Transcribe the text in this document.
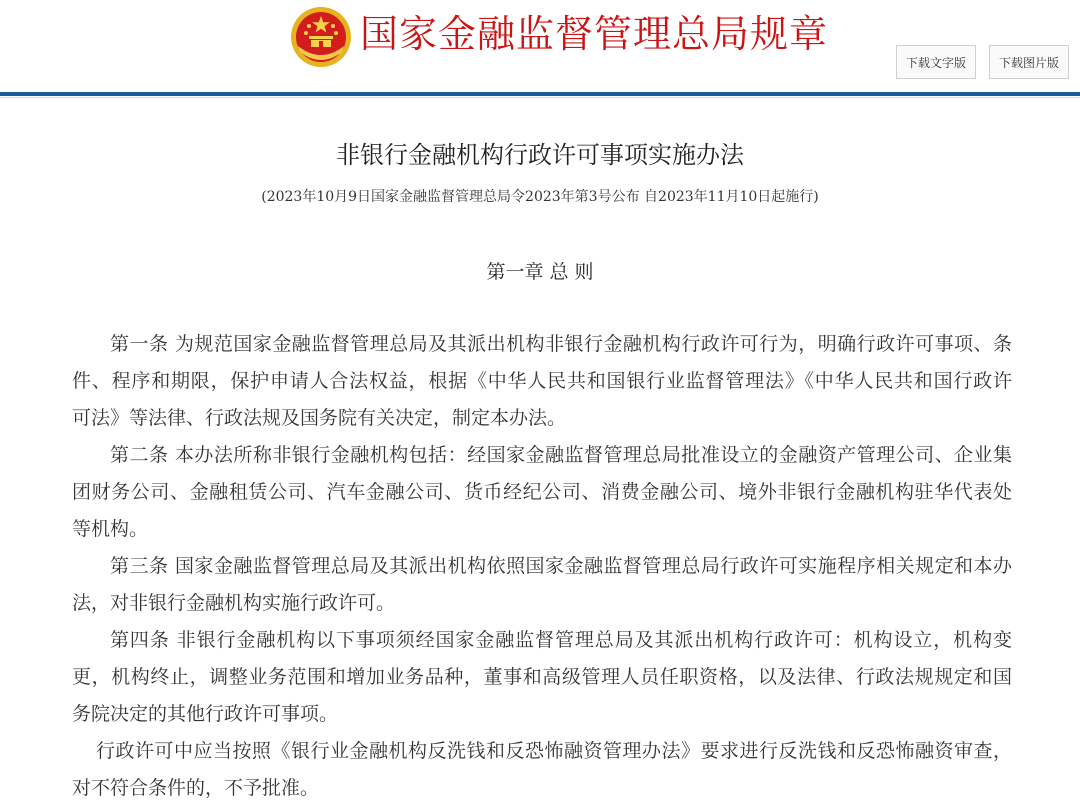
国家金融监督管理总局规章
下载文字版	下载图片版
非银行金融机构行政许可事项实施办法
(2023年10月9日国家金融监督管理总局令2023年第3号公布 自2023年11月10日起施行)
第一章 总 则

第一条 为规范国家金融监督管理总局及其派出机构非银行金融机构行政许可行为，明确行政许可事项、条
件、程序和期限，保护申请人合法权益，根据《中华人民共和国银行业监督管理法》《中华人民共和国行政许
可法》等法律、行政法规及国务院有关决定，制定本办法。

第二条 本办法所称非银行金融机构包括：经国家金融监督管理总局批准设立的金融资产管理公司、企业集
团财务公司、金融租赁公司、汽车金融公司、货币经纪公司、消费金融公司、境外非银行金融机构驻华代表处
等机构。

第三条 国家金融监督管理总局及其派出机构依照国家金融监督管理总局行政许可实施程序相关规定和本办
法，对非银行金融机构实施行政许可。

第四条 非银行金融机构以下事项须经国家金融监督管理总局及其派出机构行政许可：机构设立，机构变
更，机构终止，调整业务范围和增加业务品种，董事和高级管理人员任职资格，以及法律、行政法规规定和国
务院决定的其他行政许可事项。

行政许可中应当按照《银行业金融机构反洗钱和反恐怖融资管理办法》要求进行反洗钱和反恐怖融资审查，
对不符合条件的，不予批准。
